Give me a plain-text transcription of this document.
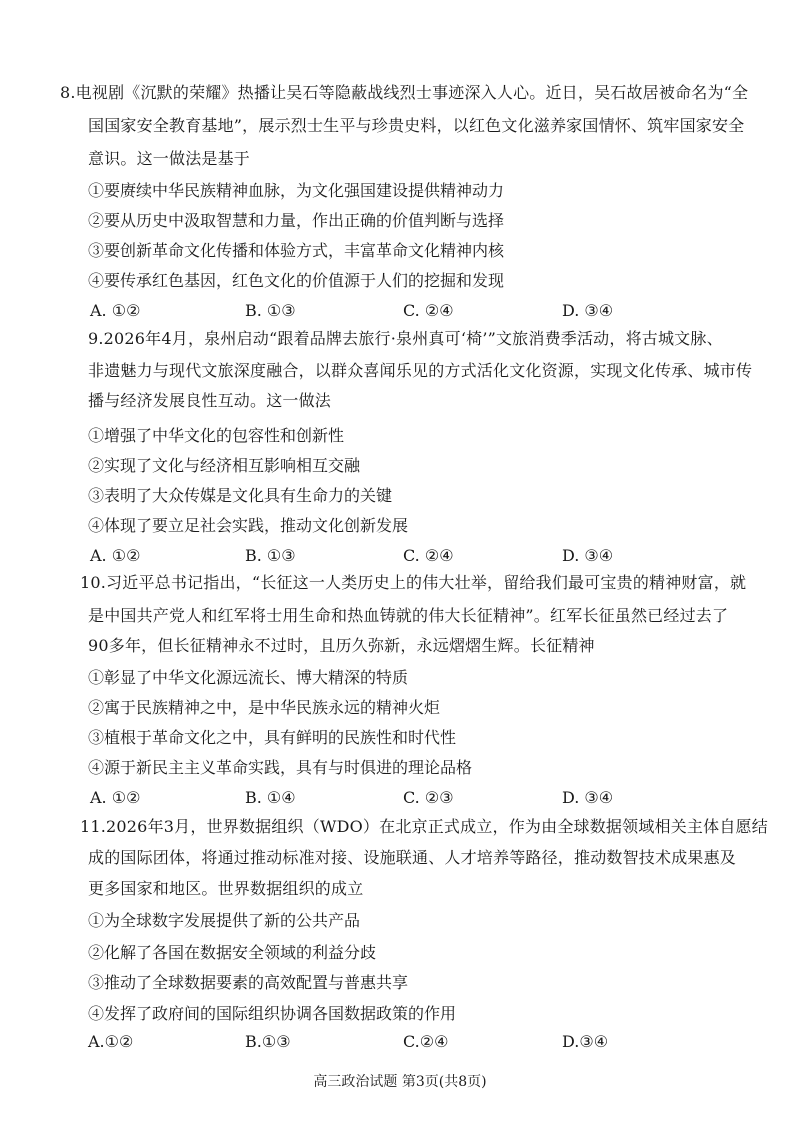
8.电视剧《沉默的荣耀》热播让吴石等隐蔽战线烈士事迹深入人心。近日，吴石故居被命名为“全
国国家安全教育基地”，展示烈士生平与珍贵史料，以红色文化滋养家国情怀、筑牢国家安全
意识。这一做法是基于
①要赓续中华民族精神血脉，为文化强国建设提供精神动力
②要从历史中汲取智慧和力量，作出正确的价值判断与选择
③要创新革命文化传播和体验方式，丰富革命文化精神内核
④要传承红色基因，红色文化的价值源于人们的挖掘和发现
A. ①②	B. ①③	C. ②④	D. ③④
9.2026年4月，泉州启动“跟着品牌去旅行·泉州真可‘椅’”文旅消费季活动，将古城文脉、
非遗魅力与现代文旅深度融合，以群众喜闻乐见的方式活化文化资源，实现文化传承、城市传
播与经济发展良性互动。这一做法
①增强了中华文化的包容性和创新性
②实现了文化与经济相互影响相互交融
③表明了大众传媒是文化具有生命力的关键
④体现了要立足社会实践，推动文化创新发展
A. ①②	B. ①③	C. ②④	D. ③④
10.习近平总书记指出，“长征这一人类历史上的伟大壮举，留给我们最可宝贵的精神财富，就
是中国共产党人和红军将士用生命和热血铸就的伟大长征精神”。红军长征虽然已经过去了
90多年，但长征精神永不过时，且历久弥新，永远熠熠生辉。长征精神
①彰显了中华文化源远流长、博大精深的特质
②寓于民族精神之中，是中华民族永远的精神火炬
③植根于革命文化之中，具有鲜明的民族性和时代性
④源于新民主主义革命实践，具有与时俱进的理论品格
A. ①②	B. ①④	C. ②③	D. ③④
11.2026年3月，世界数据组织（WDO）在北京正式成立，作为由全球数据领域相关主体自愿结
成的国际团体，将通过推动标准对接、设施联通、人才培养等路径，推动数智技术成果惠及
更多国家和地区。世界数据组织的成立
①为全球数字发展提供了新的公共产品
②化解了各国在数据安全领域的利益分歧
③推动了全球数据要素的高效配置与普惠共享
④发挥了政府间的国际组织协调各国数据政策的作用
A.①②	B.①③	C.②④	D.③④
高三政治试题 第3页(共8页)
